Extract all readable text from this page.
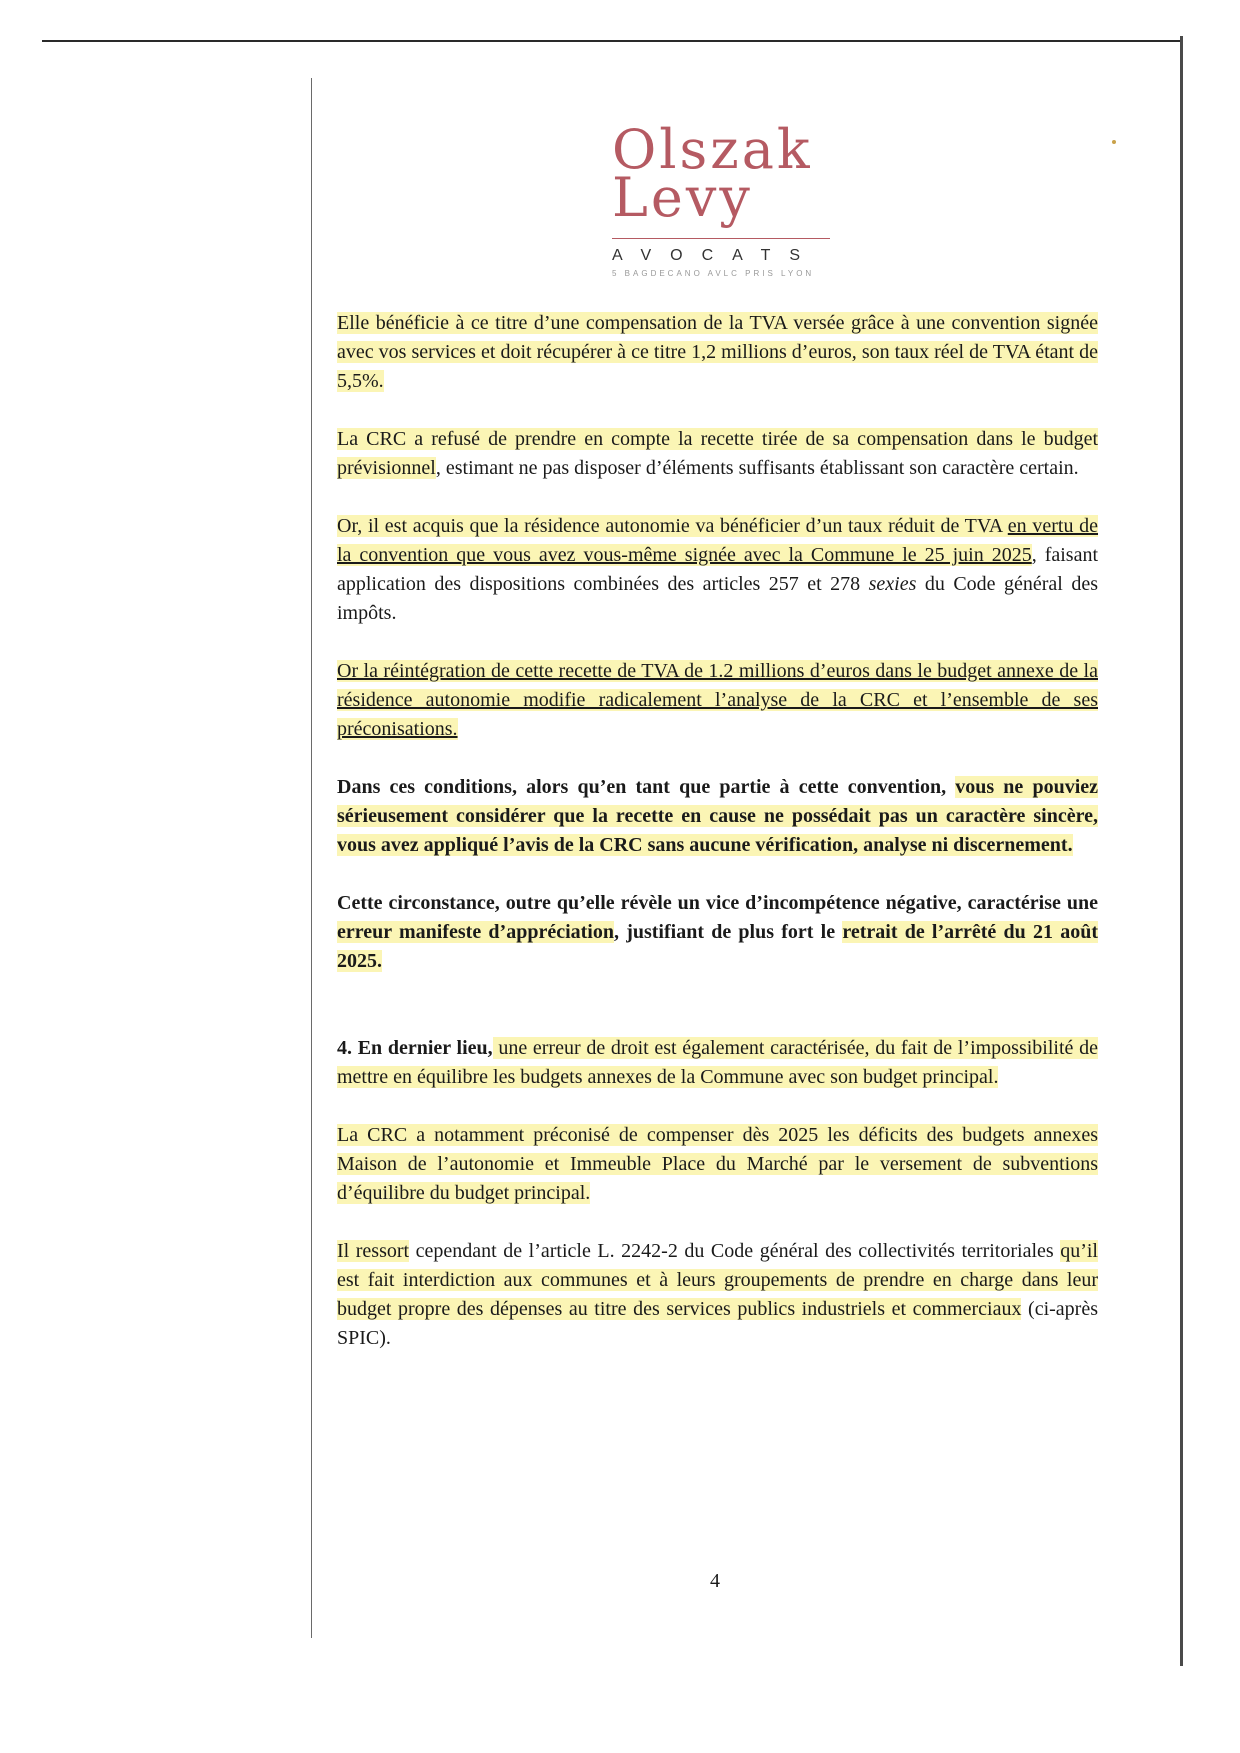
Olszak
Levy
AVOCATS
5 BAGDECANO AVLC PRIS LYON

Elle bénéficie à ce titre d’une compensation de la TVA versée grâce à une convention signée avec vos services et doit récupérer à ce titre 1,2 millions d’euros, son taux réel de TVA étant de 5,5%.

La CRC a refusé de prendre en compte la recette tirée de sa compensation dans le budget prévisionnel, estimant ne pas disposer d’éléments suffisants établissant son caractère certain.

Or, il est acquis que la résidence autonomie va bénéficier d’un taux réduit de TVA en vertu de la convention que vous avez vous-même signée avec la Commune le 25 juin 2025, faisant application des dispositions combinées des articles 257 et 278 sexies du Code général des impôts.

Or la réintégration de cette recette de TVA de 1.2 millions d’euros dans le budget annexe de la résidence autonomie modifie radicalement l’analyse de la CRC et l’ensemble de ses préconisations.

Dans ces conditions, alors qu’en tant que partie à cette convention, vous ne pouviez sérieusement considérer que la recette en cause ne possédait pas un caractère sincère, vous avez appliqué l’avis de la CRC sans aucune vérification, analyse ni discernement.

Cette circonstance, outre qu’elle révèle un vice d’incompétence négative, caractérise une erreur manifeste d’appréciation, justifiant de plus fort le retrait de l’arrêté du 21 août 2025.

4. En dernier lieu, une erreur de droit est également caractérisée, du fait de l’impossibilité de mettre en équilibre les budgets annexes de la Commune avec son budget principal.

La CRC a notamment préconisé de compenser dès 2025 les déficits des budgets annexes Maison de l’autonomie et Immeuble Place du Marché par le versement de subventions d’équilibre du budget principal.

Il ressort cependant de l’article L. 2242-2 du Code général des collectivités territoriales qu’il est fait interdiction aux communes et à leurs groupements de prendre en charge dans leur budget propre des dépenses au titre des services publics industriels et commerciaux (ci-après SPIC).

4
